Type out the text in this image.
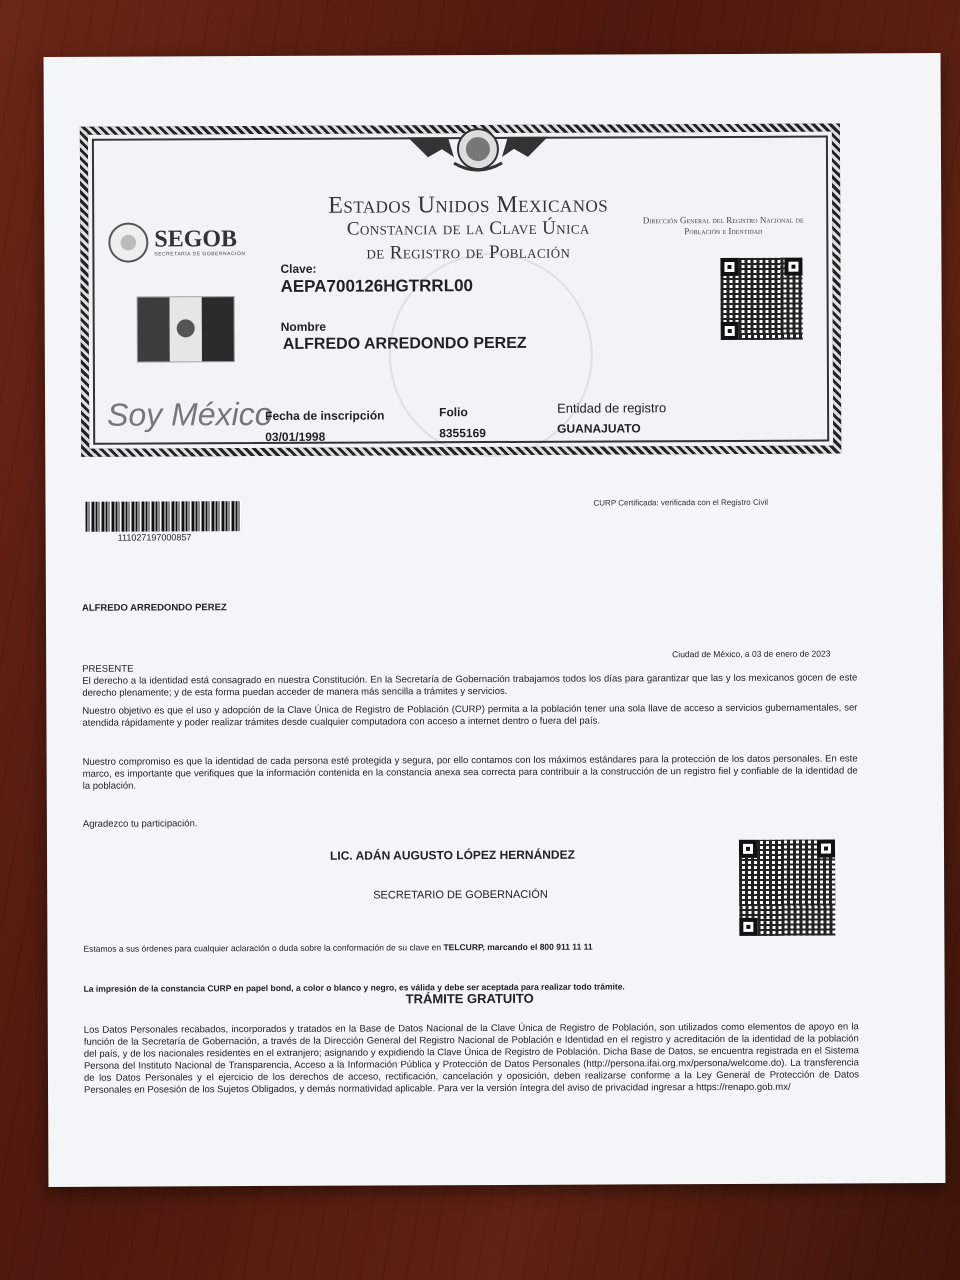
Estados Unidos Mexicanos
Constancia de la Clave Única
de Registro de Población
SEGOB
SECRETARÍA DE GOBERNACIÓN
Dirección General del Registro Nacional de Población e Identidad
Clave:
AEPA700126HGTRRL00
Nombre
ALFREDO ARREDONDO PEREZ
Soy México
Fecha de inscripción
03/01/1998
Folio
8355169
Entidad de registro
GUANAJUATO
111027197000857
CURP Certificada: verificada con el Registro Civil
ALFREDO ARREDONDO PEREZ
Ciudad de México, a 03 de enero de 2023
PRESENTE
El derecho a la identidad está consagrado en nuestra Constitución. En la Secretaría de Gobernación trabajamos todos los días para garantizar que las y los mexicanos gocen de este derecho plenamente; y de esta forma puedan acceder de manera más sencilla a trámites y servicios.
Nuestro objetivo es que el uso y adopción de la Clave Única de Registro de Población (CURP) permita a la población tener una sola llave de acceso a servicios gubernamentales, ser atendida rápidamente y poder realizar trámites desde cualquier computadora con acceso a internet dentro o fuera del país.
Nuestro compromiso es que la identidad de cada persona esté protegida y segura, por ello contamos con los máximos estándares para la protección de los datos personales. En este marco, es importante que verifiques que la información contenida en la constancia anexa sea correcta para contribuir a la construcción de un registro fiel y confiable de la identidad de la población.
Agradezco tu participación.
LIC. ADÁN AUGUSTO LÓPEZ HERNÁNDEZ
SECRETARIO DE GOBERNACIÓN
Estamos a sus órdenes para cualquier aclaración o duda sobre la conformación de su clave en TELCURP, marcando el 800 911 11 11
La impresión de la constancia CURP en papel bond, a color o blanco y negro, es válida y debe ser aceptada para realizar todo trámite.
TRÁMITE GRATUITO
Los Datos Personales recabados, incorporados y tratados en la Base de Datos Nacional de la Clave Única de Registro de Población, son utilizados como elementos de apoyo en la función de la Secretaría de Gobernación, a través de la Dirección General del Registro Nacional de Población e Identidad en el registro y acreditación de la identidad de la población del país, y de los nacionales residentes en el extranjero; asignando y expidiendo la Clave Única de Registro de Población. Dicha Base de Datos, se encuentra registrada en el Sistema Persona del Instituto Nacional de Transparencia, Acceso a la Información Pública y Protección de Datos Personales (http://persona.ifai.org.mx/persona/welcome.do). La transferencia de los Datos Personales y el ejercicio de los derechos de acceso, rectificación, cancelación y oposición, deben realizarse conforme a la Ley General de Protección de Datos Personales en Posesión de los Sujetos Obligados, y demás normatividad aplicable. Para ver la versión íntegra del aviso de privacidad ingresar a https://renapo.gob.mx/
